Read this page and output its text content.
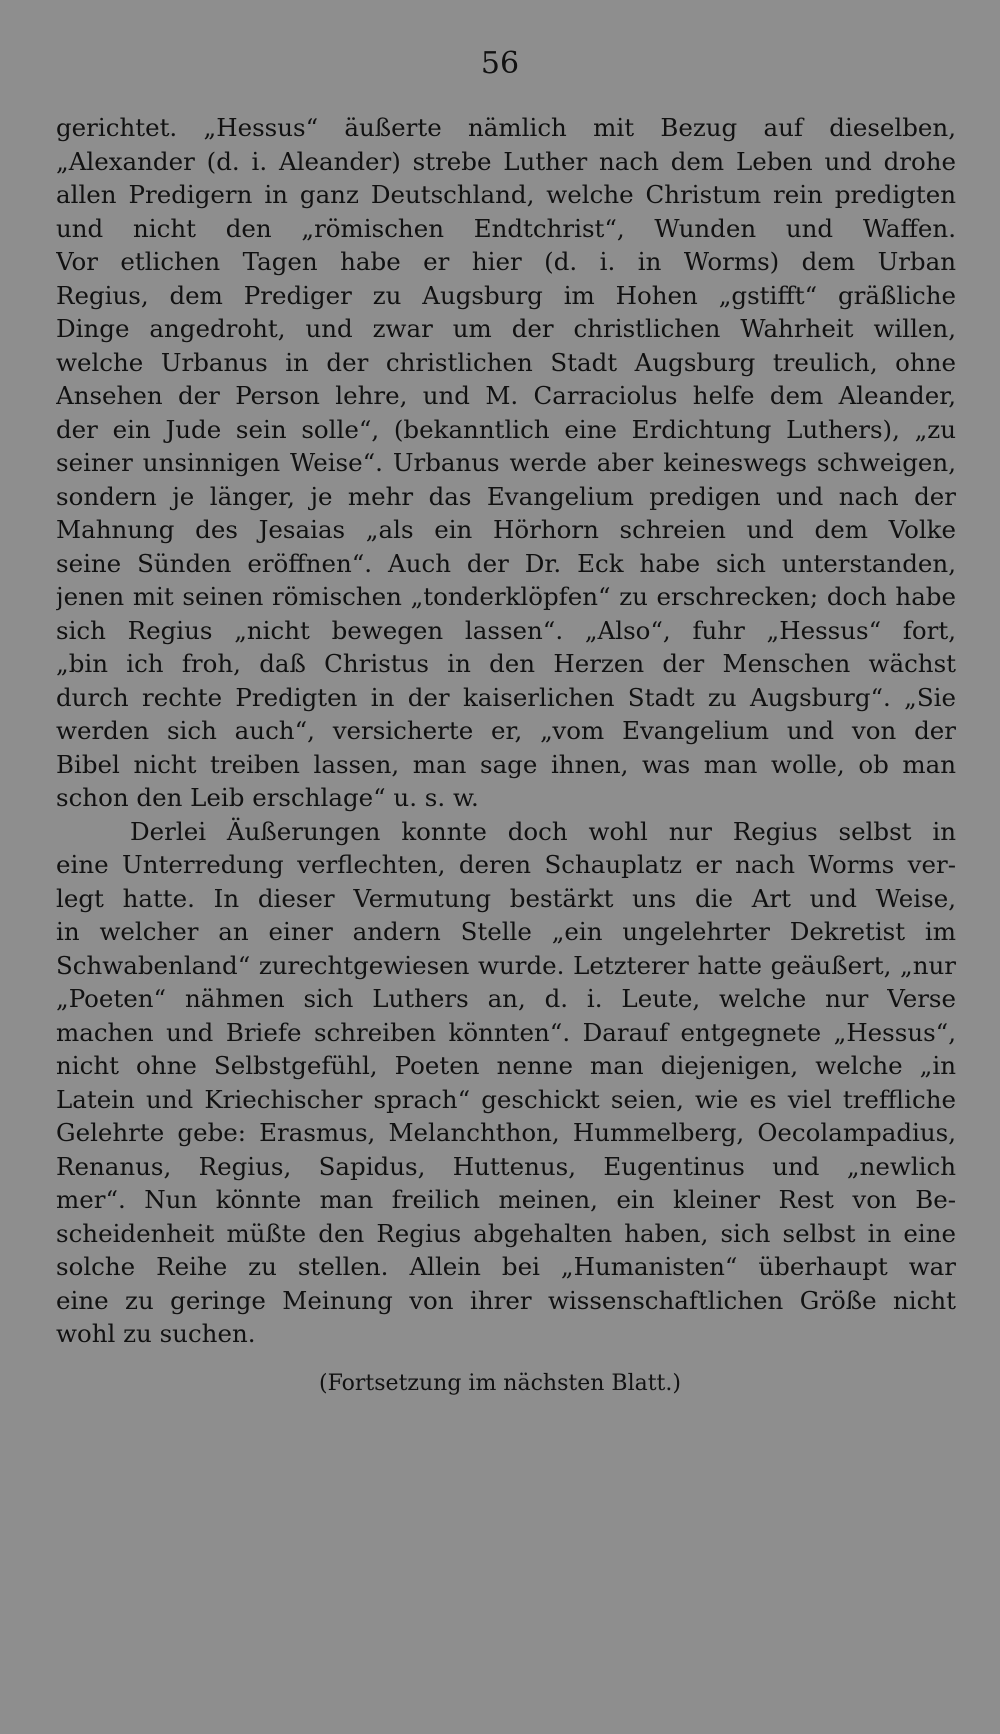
56
gerichtet. „Hessus“ äußerte nämlich mit Bezug auf dieselben,
„Alexander (d. i. Aleander) strebe Luther nach dem Leben und drohe
allen Predigern in ganz Deutschland, welche Christum rein predigten
und nicht den „römischen Endtchrist“, Wunden und Waffen.
Vor etlichen Tagen habe er hier (d. i. in Worms) dem Urban
Regius, dem Prediger zu Augsburg im Hohen „gstifft“ gräßliche
Dinge angedroht, und zwar um der christlichen Wahrheit willen,
welche Urbanus in der christlichen Stadt Augsburg treulich, ohne
Ansehen der Person lehre, und M. Carraciolus helfe dem Aleander,
der ein Jude sein solle“, (bekanntlich eine Erdichtung Luthers), „zu
seiner unsinnigen Weise“. Urbanus werde aber keineswegs schweigen,
sondern je länger, je mehr das Evangelium predigen und nach der
Mahnung des Jesaias „als ein Hörhorn schreien und dem Volke
seine Sünden eröffnen“. Auch der Dr. Eck habe sich unterstanden,
jenen mit seinen römischen „tonderklöpfen“ zu erschrecken; doch habe
sich Regius „nicht bewegen lassen“. „Also“, fuhr „Hessus“ fort,
„bin ich froh, daß Christus in den Herzen der Menschen wächst
durch rechte Predigten in der kaiserlichen Stadt zu Augsburg“. „Sie
werden sich auch“, versicherte er, „vom Evangelium und von der
Bibel nicht treiben lassen, man sage ihnen, was man wolle, ob man
schon den Leib erschlage“ u. s. w.
Derlei Äußerungen konnte doch wohl nur Regius selbst in
eine Unterredung verflechten, deren Schauplatz er nach Worms ver-
legt hatte. In dieser Vermutung bestärkt uns die Art und Weise,
in welcher an einer andern Stelle „ein ungelehrter Dekretist im
Schwabenland“ zurechtgewiesen wurde. Letzterer hatte geäußert, „nur
„Poeten“ nähmen sich Luthers an, d. i. Leute, welche nur Verse
machen und Briefe schreiben könnten“. Darauf entgegnete „Hessus“,
nicht ohne Selbstgefühl, Poeten nenne man diejenigen, welche „in
Latein und Kriechischer sprach“ geschickt seien, wie es viel treffliche
Gelehrte gebe: Erasmus, Melanchthon, Hummelberg, Oecolampadius,
Renanus, Regius, Sapidus, Huttenus, Eugentinus und „newlich
mer“. Nun könnte man freilich meinen, ein kleiner Rest von Be-
scheidenheit müßte den Regius abgehalten haben, sich selbst in eine
solche Reihe zu stellen. Allein bei „Humanisten“ überhaupt war
eine zu geringe Meinung von ihrer wissenschaftlichen Größe nicht
wohl zu suchen.
(Fortsetzung im nächsten Blatt.)
